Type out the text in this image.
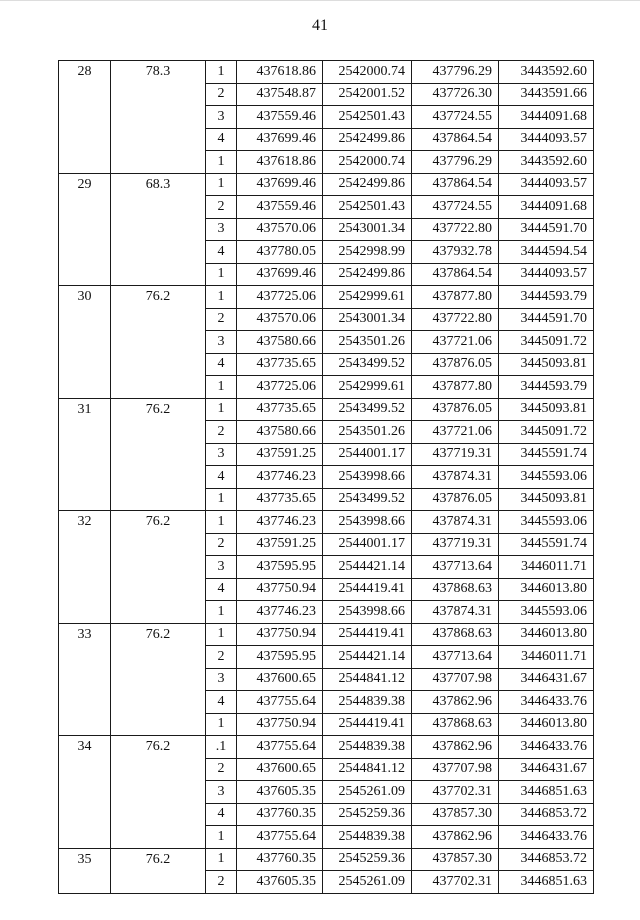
41
28	78.3	1	437618.86	2542000.74	437796.29	3443592.60
		2	437548.87	2542001.52	437726.30	3443591.66
		3	437559.46	2542501.43	437724.55	3444091.68
		4	437699.46	2542499.86	437864.54	3444093.57
		1	437618.86	2542000.74	437796.29	3443592.60
29	68.3	1	437699.46	2542499.86	437864.54	3444093.57
		2	437559.46	2542501.43	437724.55	3444091.68
		3	437570.06	2543001.34	437722.80	3444591.70
		4	437780.05	2542998.99	437932.78	3444594.54
		1	437699.46	2542499.86	437864.54	3444093.57
30	76.2	1	437725.06	2542999.61	437877.80	3444593.79
		2	437570.06	2543001.34	437722.80	3444591.70
		3	437580.66	2543501.26	437721.06	3445091.72
		4	437735.65	2543499.52	437876.05	3445093.81
		1	437725.06	2542999.61	437877.80	3444593.79
31	76.2	1	437735.65	2543499.52	437876.05	3445093.81
		2	437580.66	2543501.26	437721.06	3445091.72
		3	437591.25	2544001.17	437719.31	3445591.74
		4	437746.23	2543998.66	437874.31	3445593.06
		1	437735.65	2543499.52	437876.05	3445093.81
32	76.2	1	437746.23	2543998.66	437874.31	3445593.06
		2	437591.25	2544001.17	437719.31	3445591.74
		3	437595.95	2544421.14	437713.64	3446011.71
		4	437750.94	2544419.41	437868.63	3446013.80
		1	437746.23	2543998.66	437874.31	3445593.06
33	76.2	1	437750.94	2544419.41	437868.63	3446013.80
		2	437595.95	2544421.14	437713.64	3446011.71
		3	437600.65	2544841.12	437707.98	3446431.67
		4	437755.64	2544839.38	437862.96	3446433.76
		1	437750.94	2544419.41	437868.63	3446013.80
34	76.2	.1	437755.64	2544839.38	437862.96	3446433.76
		2	437600.65	2544841.12	437707.98	3446431.67
		3	437605.35	2545261.09	437702.31	3446851.63
		4	437760.35	2545259.36	437857.30	3446853.72
		1	437755.64	2544839.38	437862.96	3446433.76
35	76.2	1	437760.35	2545259.36	437857.30	3446853.72
		2	437605.35	2545261.09	437702.31	3446851.63
